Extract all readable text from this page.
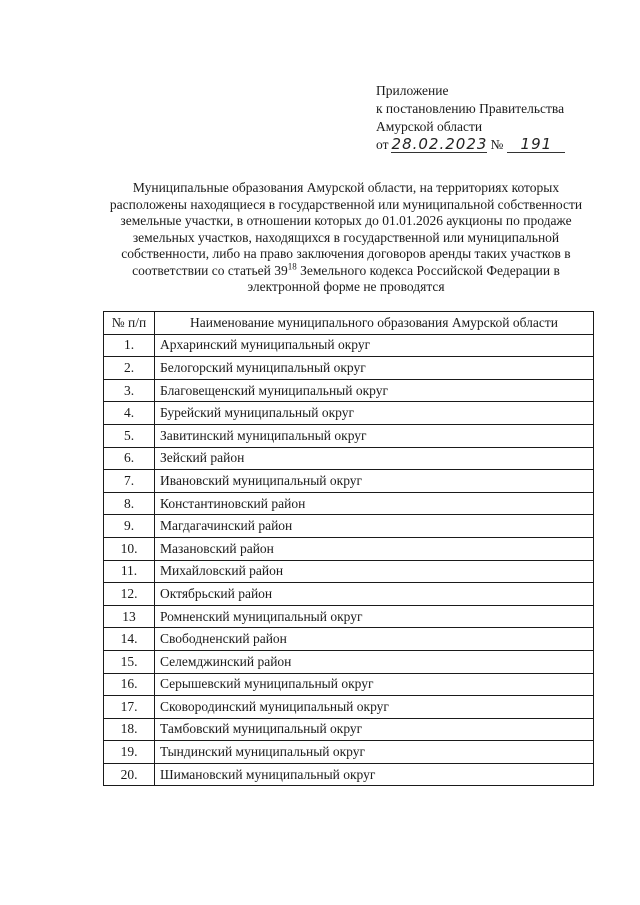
Приложение
к постановлению Правительства
Амурской области
от 28.02.2023 №	191
Муниципальные образования Амурской области, на территориях которых расположены находящиеся в государственной или муниципальной собственности земельные участки, в отношении которых до 01.01.2026 аукционы по продаже земельных участков, находящихся в государственной или муниципальной собственности, либо на право заключения договоров аренды таких участков в соответствии со статьей $39^{18}$ Земельного кодекса Российской Федерации в электронной форме не проводятся
№ п/п	Наименование муниципального образования Амурской области
1.	Архаринский муниципальный округ
2.	Белогорский муниципальный округ
3.	Благовещенский муниципальный округ
4.	Бурейский муниципальный округ
5.	Завитинский муниципальный округ
6.	Зейский район
7.	Ивановский муниципальный округ
8.	Константиновский район
9.	Магдагачинский район
10.	Мазановский район
11.	Михайловский район
12.	Октябрьский район
13	Ромненский муниципальный округ
14.	Свободненский район
15.	Селемджинский район
16.	Серышевский муниципальный округ
17.	Сковородинский муниципальный округ
18.	Тамбовский муниципальный округ
19.	Тындинский муниципальный округ
20.	Шимановский муниципальный округ
